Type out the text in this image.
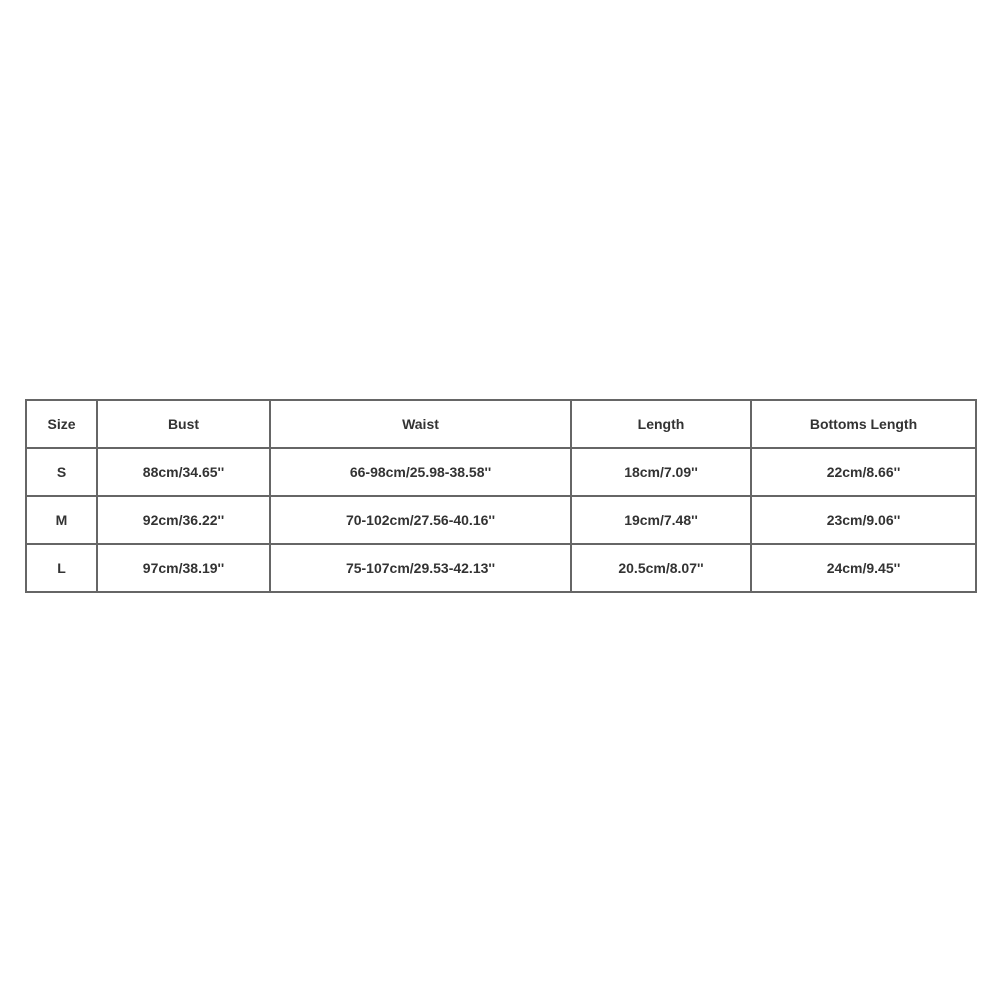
Size	Bust	Waist	Length	Bottoms Length
S	88cm/34.65''	66-98cm/25.98-38.58''	18cm/7.09''	22cm/8.66''
M	92cm/36.22''	70-102cm/27.56-40.16''	19cm/7.48''	23cm/9.06''
L	97cm/38.19''	75-107cm/29.53-42.13''	20.5cm/8.07''	24cm/9.45''
